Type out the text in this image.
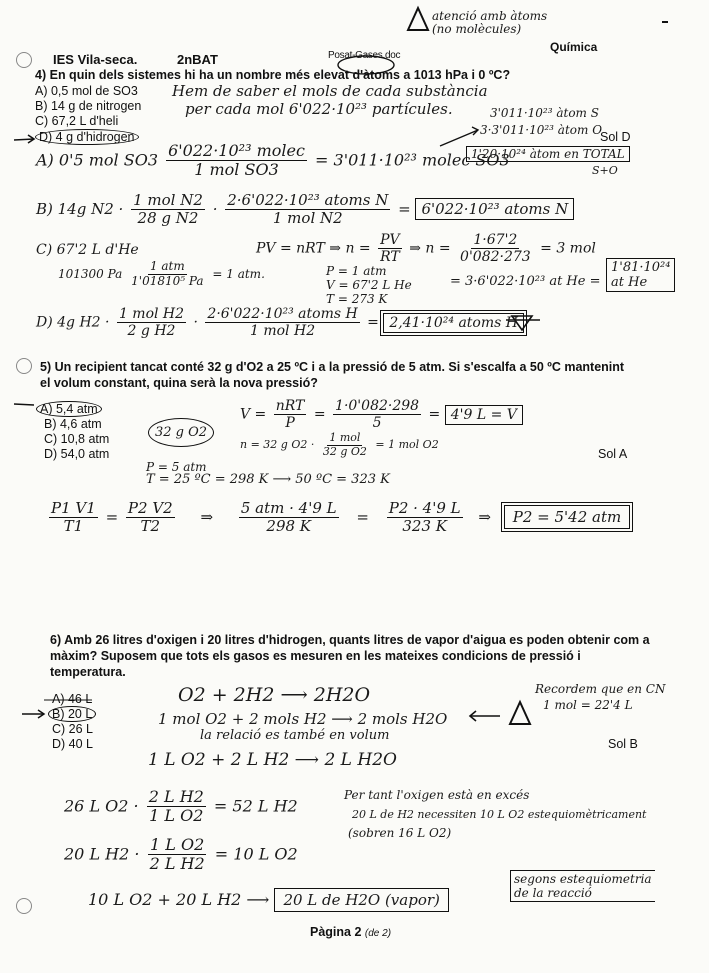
IES Vila-seca.	2nBAT	Posat-Gases.doc
Química
atenció amb àtoms (no molècules)
4) En quin dels sistemes hi ha un nombre més elevat d'àtoms a 1013 hPa i 0 ºC?
A) 0,5 mol de SO3
B) 14 g de nitrogen
C) 67,2 L d'heli
D) 4 g d'hidrogen
Hem de saber el mols de cada substància
per cada mol 6'022·10²³ partícules.	3'011·10²³ àtom S
3·3'011·10²³ àtom O
Sol D
1'20·10²⁴ àtom en TOTAL
S+O
A) 0'5 mol $SO3 \frac{\text{6'022·10²³ molec}}{\text{1 mol SO3}} = 3'011\cdot 10^{23}$ molec SO3
B) 14g $N2 \cdot \frac{\text{1 mol N2}}{\text{28 g N2}} \cdot \frac{\text{2·6'022·10²³ atoms N}}{\text{1 mol N2}} = 6'022\cdot 10^{23}$ atoms N
C) 67'2 L d'He
101300 Pa $\frac{\text{1 atm}}{\text{1'01810⁵ Pa}} = 1$ atm.
PV = nRT ⇒ $n = \frac{PV}{RT}$ ⇒ $n = \frac{1\cdot 67'2}{0'082\cdot 273} = 3$ mol
P = 1 atm
V = 67'2 L He
T = 273 K
= 3·6'022·10²³ at He =
1'81·10²⁴
at He
D) 4g $H2 \cdot \frac{\text{1 mol H2}}{\text{2 g H2}} \cdot \frac{\text{2·6'022·10²³ atoms H}}{\text{1 mol H2}} = 2,41\cdot 10^{24}$ atoms H
5) Un recipient tancat conté 32 g d'O2 a 25 ºC i a la pressió de 5 atm. Si s'escalfa a 50 ºC mantenint
el volum constant, quina serà la nova pressió?
A) 5,4 atm
B) 4,6 atm
C) 10,8 atm
D) 54,0 atm	Sol A
32 g O2
$V = \frac{\text{nRT}}{P} = \frac{1\cdot 0'082\cdot 298}{5} = 4'9$ L = V
n = 32 g $O2 \cdot \frac{\text{1 mol}}{\text{32 g O2}} = 1$ mol O2
P = 5 atm
T = 25 ºC = 298 K ⟶ 50 ºC = 323 K
$\frac{P1 V1}{T1} = \frac{P2 V2}{T2}$ ⇒ $\frac{\text{5 atm · 4'9 L}}{298 K} = \frac{P2 \cdot 4'9 L}{323 K}$ ⇒ P2 = 5'42 atm
6) Amb 26 litres d'oxigen i 20 litres d'hidrogen, quants litres de vapor d'aigua es poden obtenir com a
màxim? Suposem que tots els gasos es mesuren en les mateixes condicions de pressió i
temperatura.
A) 46 L
B) 20 L
C) 26 L
D) 40 L	Sol B
O2 + 2H2 ⟶ 2H2O
1 mol O2 + 2 mols H2 ⟶ 2 mols H2O
la relació es també en volum
Recordem que en CN
1 mol = 22'4 L
1 L O2 + 2 L H2 ⟶ 2 L H2O
26 L $O2 \cdot \frac{\text{2 L H2}}{\text{1 L O2}} = 52$ L H2
Per tant l'oxigen està en excés
20 L de H2 necessiten 10 L O2 estequiomètricament
(sobren 16 L O2)
20 L $H2 \cdot \frac{\text{1 L O2}}{\text{2 L H2}} = 10$ L O2
10 L O2 + 20 L H2 ⟶ 20 L de H2O (vapor)
segons estequiometria
de la reacció
Pàgina 2 (de 2)
